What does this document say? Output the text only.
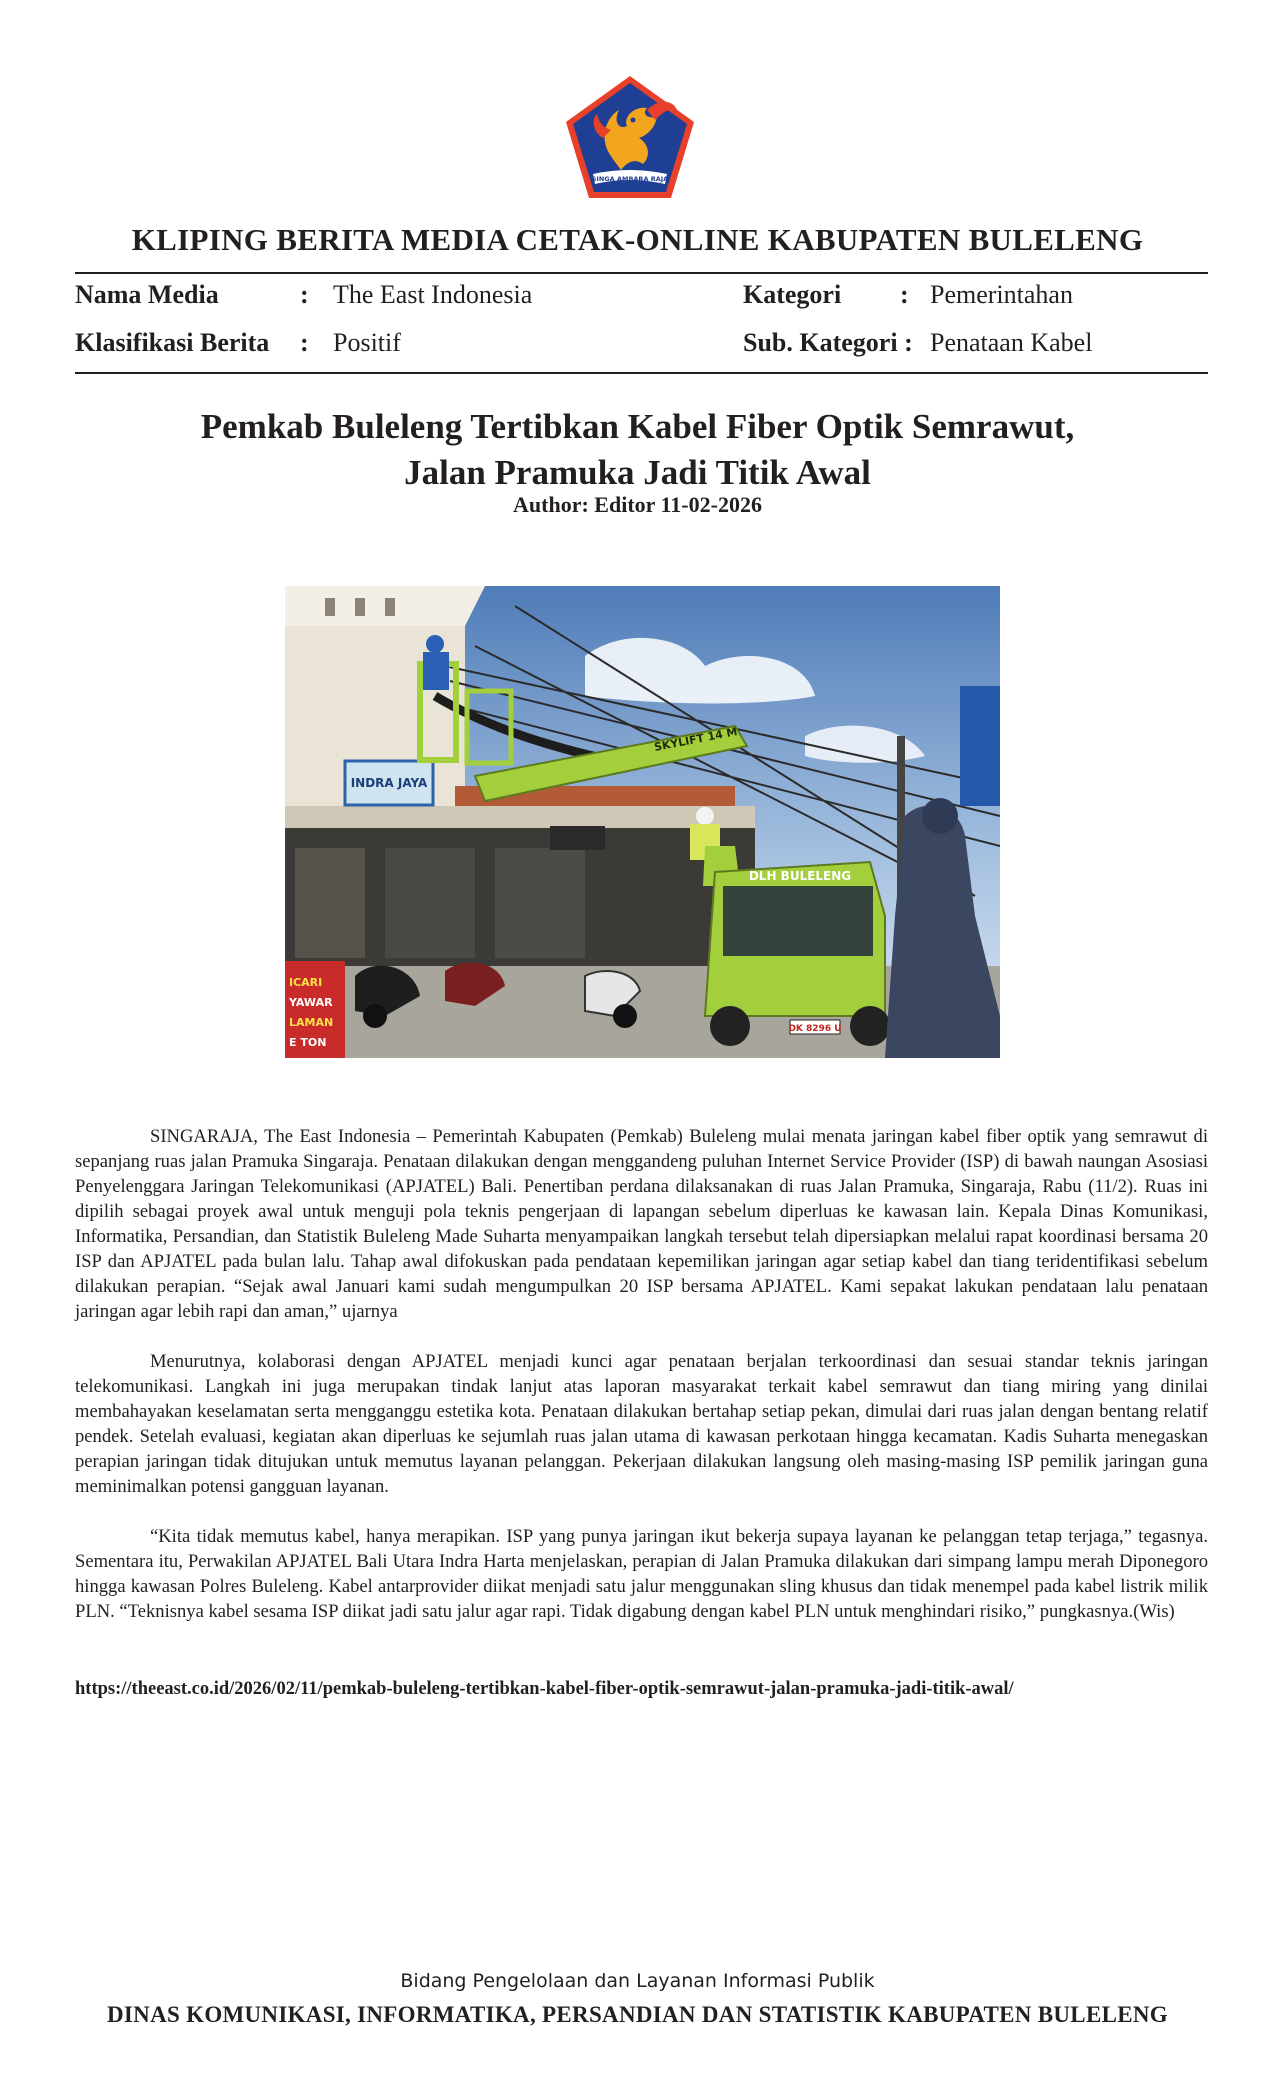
SINGA AMBARA RAJA
KLIPING BERITA MEDIA CETAK-ONLINE KABUPATEN BULELENG
Nama Media	: The East Indonesia	Kategori : Pemerintahan
Klasifikasi Berita : Positif	Sub. Kategori : Penataan Kabel
Pemkab Buleleng Tertibkan Kabel Fiber Optik Semrawut,
Jalan Pramuka Jadi Titik Awal
Author: Editor 11-02-2026
INDRA JAYA
SKYLIFT 14 M
DLH BULELENG
DK 8296 U
ICARI
YAWAR
LAMAN
E TON

SINGARAJA, The East Indonesia – Pemerintah Kabupaten (Pemkab) Buleleng mulai menata jaringan kabel fiber optik yang semrawut di sepanjang ruas jalan Pramuka Singaraja. Penataan dilakukan dengan menggandeng puluhan Internet Service Provider (ISP) di bawah naungan Asosiasi Penyelenggara Jaringan Telekomunikasi (APJATEL) Bali. Penertiban perdana dilaksanakan di ruas Jalan Pramuka, Singaraja, Rabu (11/2). Ruas ini dipilih sebagai proyek awal untuk menguji pola teknis pengerjaan di lapangan sebelum diperluas ke kawasan lain. Kepala Dinas Komunikasi, Informatika, Persandian, dan Statistik Buleleng Made Suharta menyampaikan langkah tersebut telah dipersiapkan melalui rapat koordinasi bersama 20 ISP dan APJATEL pada bulan lalu. Tahap awal difokuskan pada pendataan kepemilikan jaringan agar setiap kabel dan tiang teridentifikasi sebelum dilakukan perapian. “Sejak awal Januari kami sudah mengumpulkan 20 ISP bersama APJATEL. Kami sepakat lakukan pendataan lalu penataan jaringan agar lebih rapi dan aman,” ujarnya

Menurutnya, kolaborasi dengan APJATEL menjadi kunci agar penataan berjalan terkoordinasi dan sesuai standar teknis jaringan telekomunikasi. Langkah ini juga merupakan tindak lanjut atas laporan masyarakat terkait kabel semrawut dan tiang miring yang dinilai membahayakan keselamatan serta mengganggu estetika kota. Penataan dilakukan bertahap setiap pekan, dimulai dari ruas jalan dengan bentang relatif pendek. Setelah evaluasi, kegiatan akan diperluas ke sejumlah ruas jalan utama di kawasan perkotaan hingga kecamatan. Kadis Suharta menegaskan perapian jaringan tidak ditujukan untuk memutus layanan pelanggan. Pekerjaan dilakukan langsung oleh masing-masing ISP pemilik jaringan guna meminimalkan potensi gangguan layanan.

“Kita tidak memutus kabel, hanya merapikan. ISP yang punya jaringan ikut bekerja supaya layanan ke pelanggan tetap terjaga,” tegasnya. Sementara itu, Perwakilan APJATEL Bali Utara Indra Harta menjelaskan, perapian di Jalan Pramuka dilakukan dari simpang lampu merah Diponegoro hingga kawasan Polres Buleleng. Kabel antarprovider diikat menjadi satu jalur menggunakan sling khusus dan tidak menempel pada kabel listrik milik PLN. “Teknisnya kabel sesama ISP diikat jadi satu jalur agar rapi. Tidak digabung dengan kabel PLN untuk menghindari risiko,” pungkasnya.(Wis)

https://theeast.co.id/2026/02/11/pemkab-buleleng-tertibkan-kabel-fiber-optik-semrawut-jalan-pramuka-jadi-titik-awal/
Bidang Pengelolaan dan Layanan Informasi Publik
DINAS KOMUNIKASI, INFORMATIKA, PERSANDIAN DAN STATISTIK KABUPATEN BULELENG
